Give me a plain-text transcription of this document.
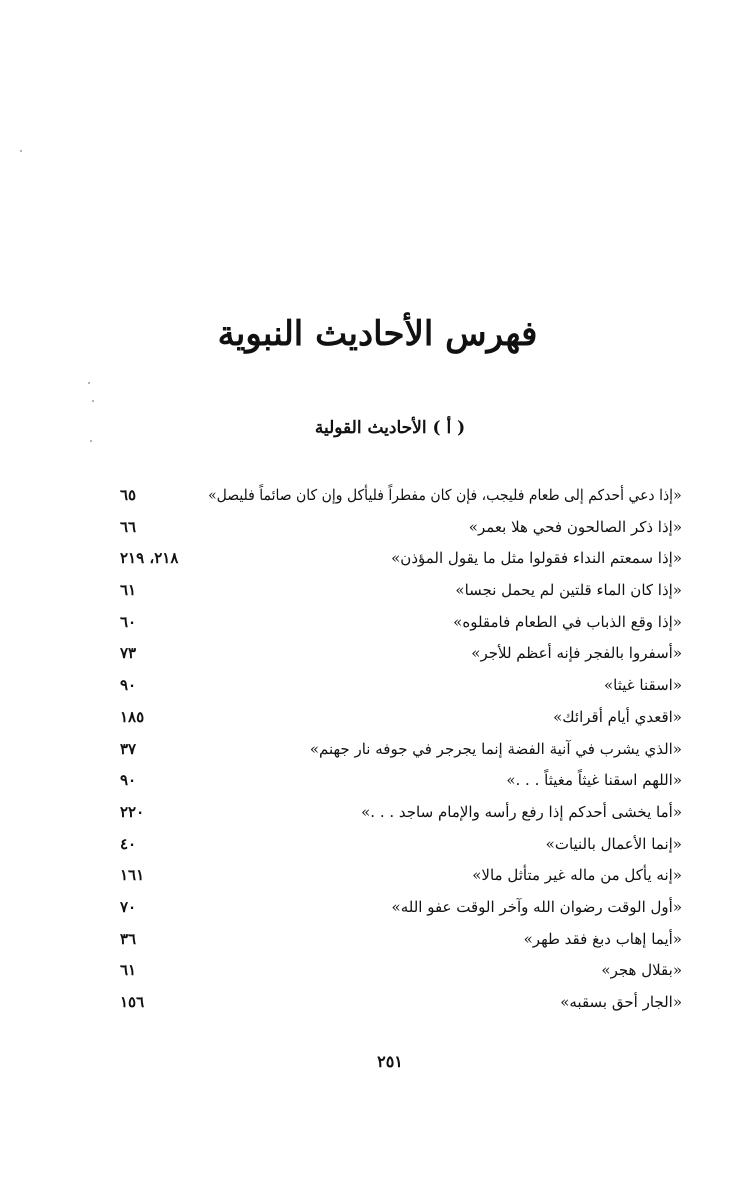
فهرس الأحاديث النبوية
( أ ) الأحاديث القولية
«إذا دعي أحدكم إلى طعام فليجب، فإن كان مفطراً فليأكل وإن كان صائماً فليصل»
٦٥
«إذا ذكر الصالحون فحي هلا بعمر»
٦٦
«إذا سمعتم النداء فقولوا مثل ما يقول المؤذن»
٢١٨، ٢١٩
«إذا كان الماء قلتين لم يحمل نجسا»
٦١
«إذا وقع الذباب في الطعام فامقلوه»
٦٠
«أسفروا بالفجر فإنه أعظم للأجر»
٧٣
«اسقنا غيثا»
٩٠
«اقعدي أيام أقرائك»
١٨٥
«الذي يشرب في آنية الفضة إنما يجرجر في جوفه نار جهنم»
٣٧
«اللهم اسقنا غيثاً مغيثاً . . .»
٩٠
«أما يخشى أحدكم إذا رفع رأسه والإمام ساجد . . .»
٢٢٠
«إنما الأعمال بالنيات»
٤٠
«إنه يأكل من ماله غير متأثل مالا»
١٦١
«أول الوقت رضوان الله وآخر الوقت عفو الله»
٧٠
«أيما إهاب دبغ فقد طهر»
٣٦
«بقلال هجر»
٦١
«الجار أحق بسقبه»
١٥٦
٢٥١
